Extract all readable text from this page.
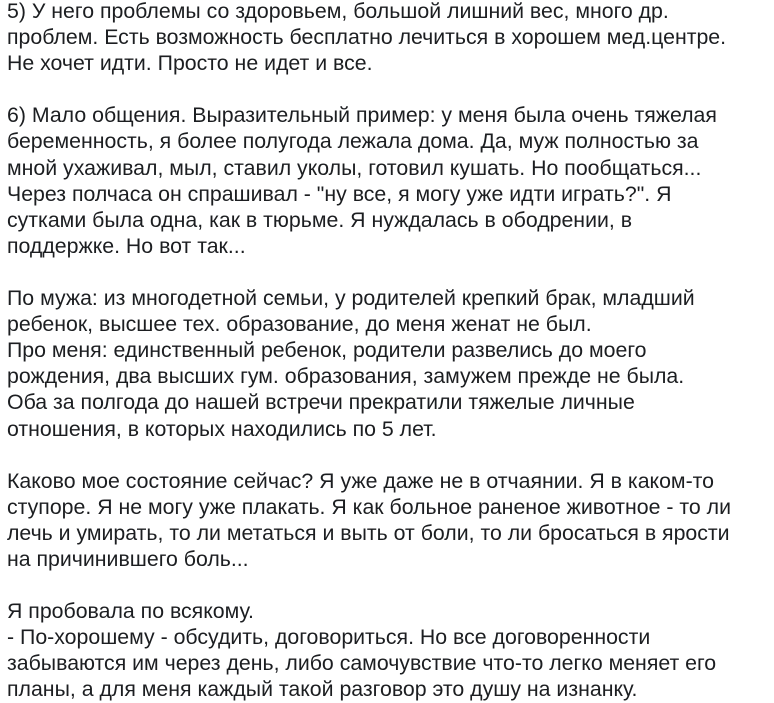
5) У него проблемы со здоровьем, большой лишний вес, много др.
проблем. Есть возможность бесплатно лечиться в хорошем мед.центре.
Не хочет идти. Просто не идет и все.
6) Мало общения. Выразительный пример: у меня была очень тяжелая
беременность, я более полугода лежала дома. Да, муж полностью за
мной ухаживал, мыл, ставил уколы, готовил кушать. Но пообщаться...
Через полчаса он спрашивал - "ну все, я могу уже идти играть?". Я
сутками была одна, как в тюрьме. Я нуждалась в ободрении, в
поддержке. Но вот так...
По мужа: из многодетной семьи, у родителей крепкий брак, младший
ребенок, высшее тех. образование, до меня женат не был.
Про меня: единственный ребенок, родители развелись до моего
рождения, два высших гум. образования, замужем прежде не была.
Оба за полгода до нашей встречи прекратили тяжелые личные
отношения, в которых находились по 5 лет.
Каково мое состояние сейчас? Я уже даже не в отчаянии. Я в каком-то
ступоре. Я не могу уже плакать. Я как больное раненое животное - то ли
лечь и умирать, то ли метаться и выть от боли, то ли бросаться в ярости
на причинившего боль...
Я пробовала по всякому.
- По-хорошему - обсудить, договориться. Но все договоренности
забываются им через день, либо самочувствие что-то легко меняет его
планы, а для меня каждый такой разговор это душу на изнанку.
